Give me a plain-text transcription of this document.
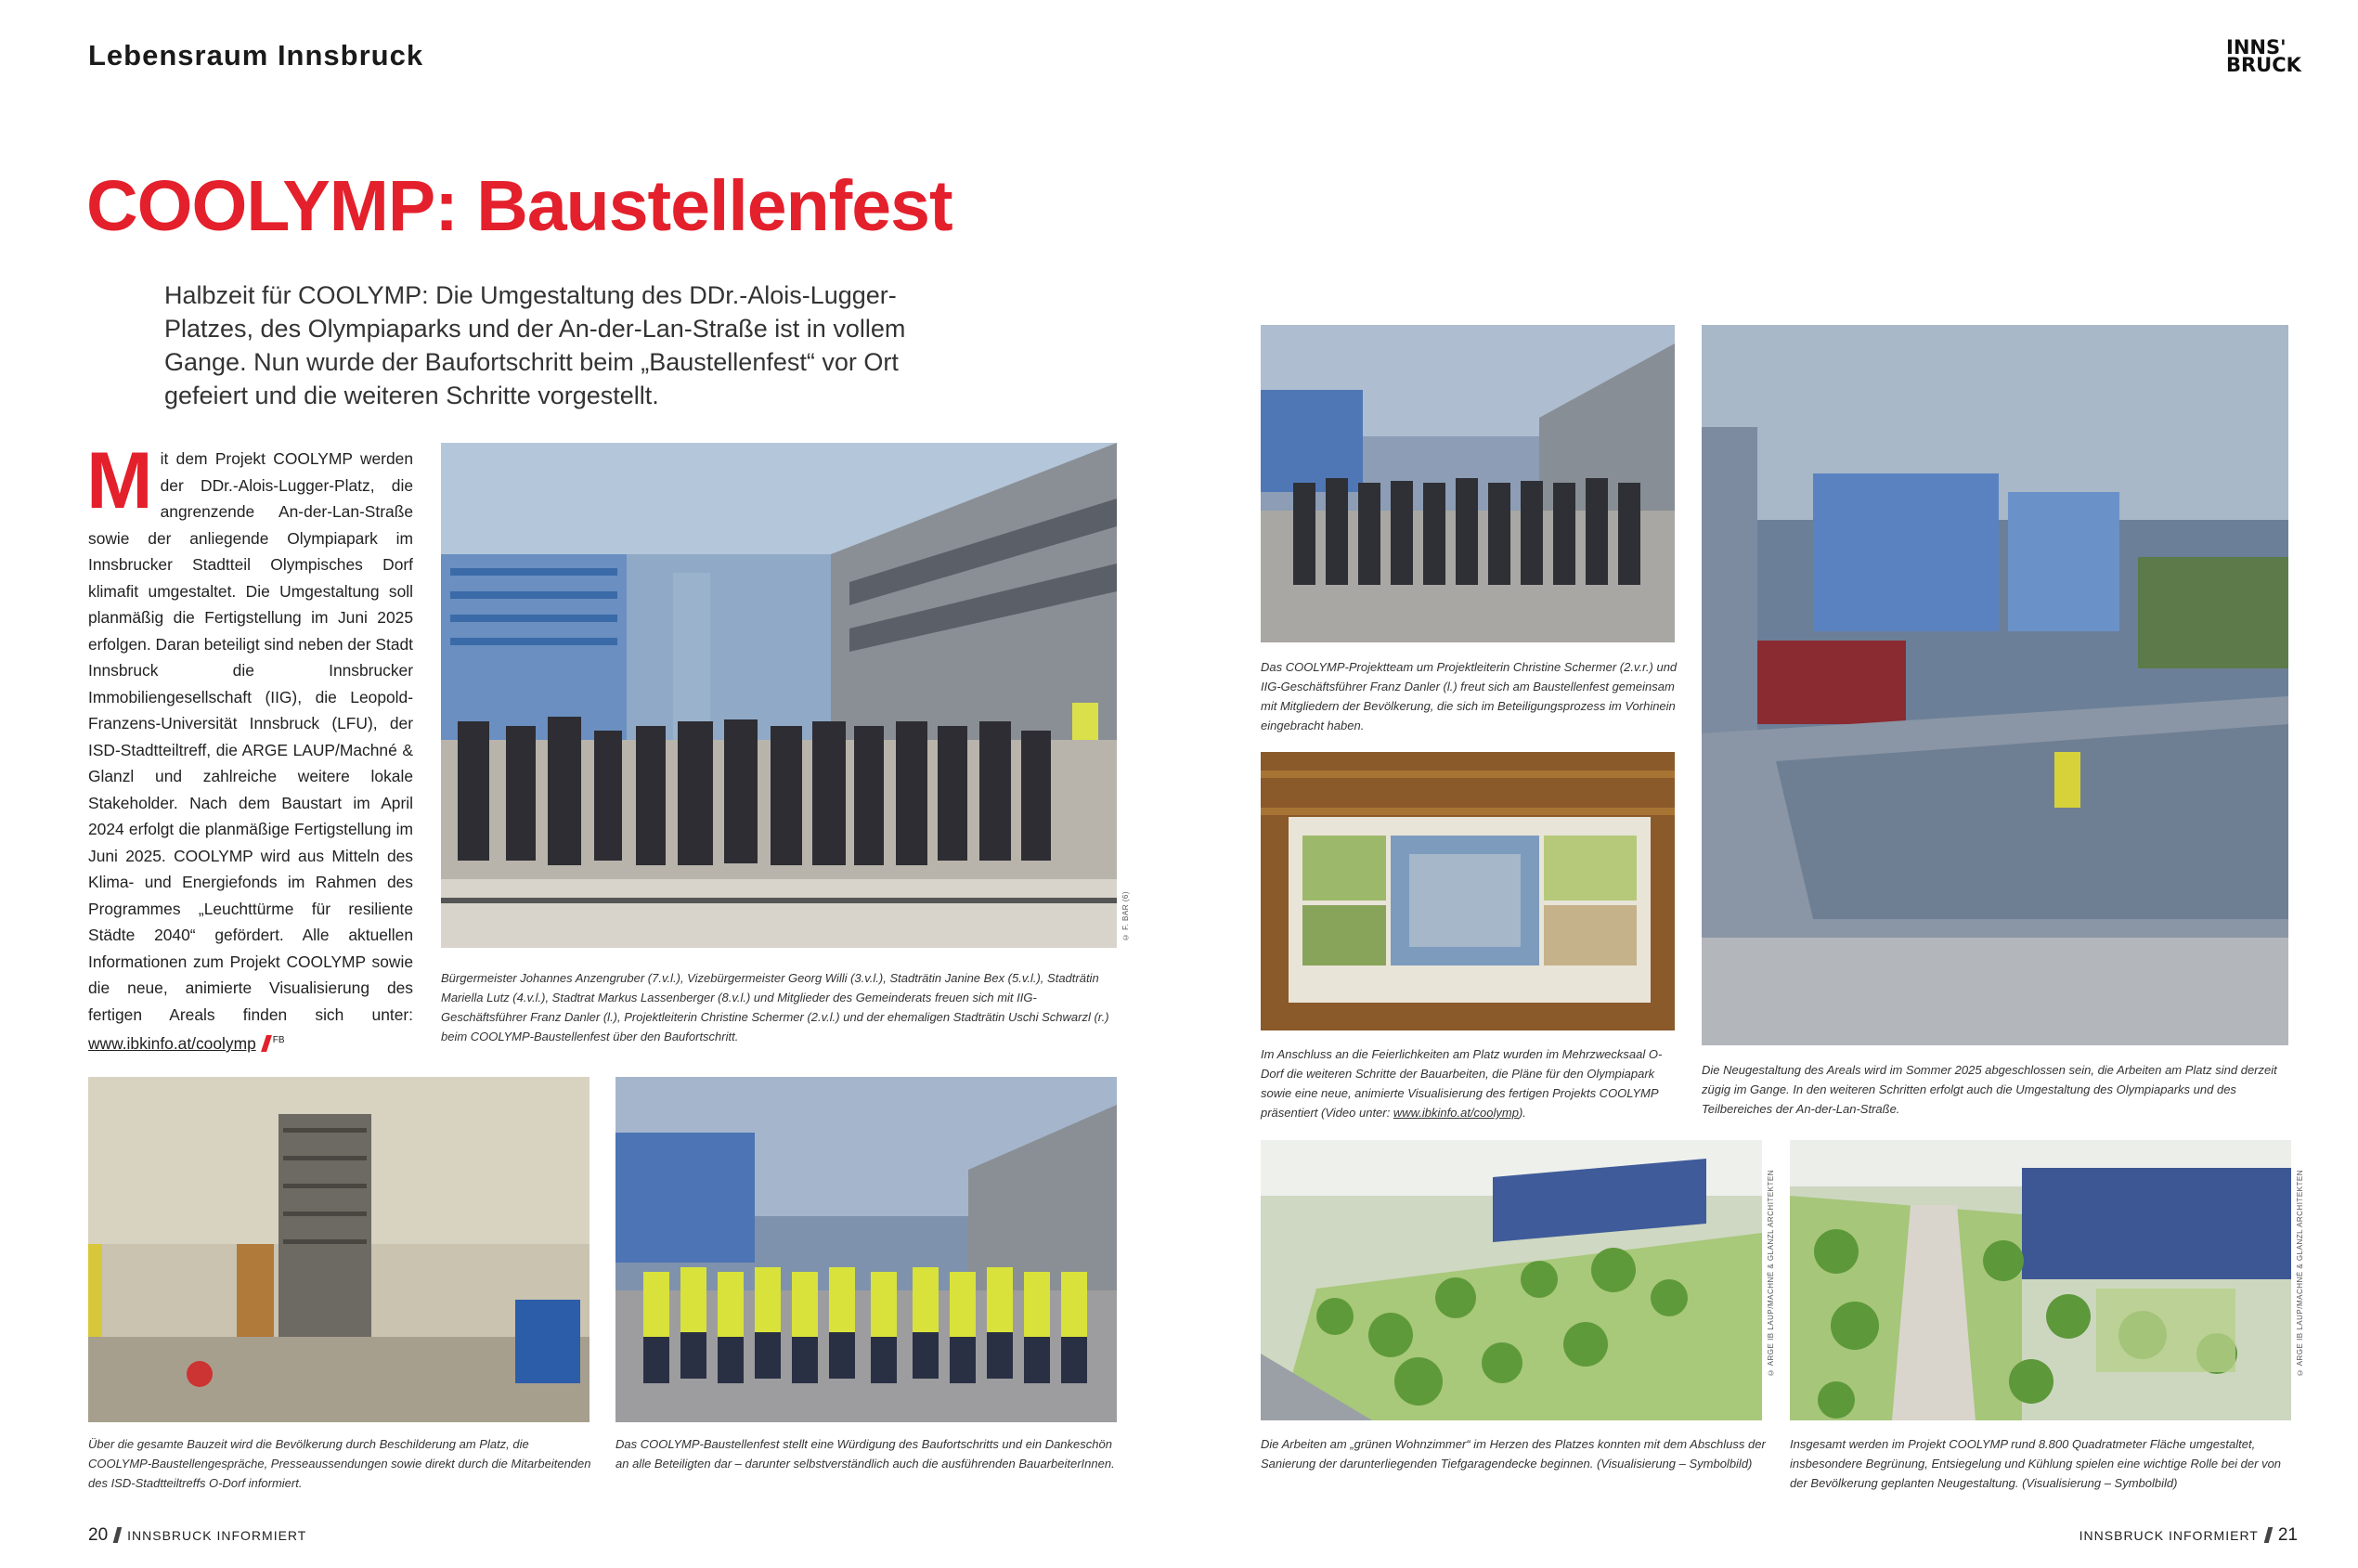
Lebensraum Innsbruck	INNS'
BRUCK
COOLYMP: Baustellenfest
Halbzeit für COOLYMP: Die Umgestaltung des DDr.-Alois-Lugger-Platzes, des Olympiaparks und der An-der-Lan-Straße ist in vollem Gange. Nun wurde der Baufortschritt beim „Baustellenfest“ vor Ort gefeiert und die weiteren Schritte vorgestellt.
M it dem Projekt COOLYMP werden der DDr.-Alois-Lugger-Platz, die angrenzende An-der-Lan-Straße sowie der anliegende Olympiapark im Innsbrucker Stadtteil Olympisches Dorf klimafit umgestaltet. Die Umgestaltung soll planmäßig die Fertigstellung im Juni 2025 erfolgen. Daran beteiligt sind neben der Stadt Innsbruck die Innsbrucker Immobiliengesellschaft (IIG), die Leopold-Franzens-Universität Innsbruck (LFU), der ISD-Stadtteiltreff, die ARGE LAUP/Machné & Glanzl und zahlreiche weitere lokale Stakeholder. Nach dem Baustart im April 2024 erfolgt die planmäßige Fertigstellung im Juni 2025. COOLYMP wird aus Mitteln des Klima- und Energiefonds im Rahmen des Programmes „Leuchttürme für resiliente Städte 2040“ gefördert. Alle aktuellen Informationen zum Projekt COOLYMP sowie die neue, animierte Visualisierung des fertigen Areals finden sich unter: www.ibkinfo.at/coolymp $^{FB}$
© F. BAR (6)
Bürgermeister Johannes Anzengruber (7.v.l.), Vizebürgermeister Georg Willi (3.v.l.), Stadträtin Janine Bex (5.v.l.), Stadträtin Mariella Lutz (4.v.l.), Stadtrat Markus Lassenberger (8.v.l.) und Mitglieder des Gemeinderats freuen sich mit IIG-Geschäftsführer Franz Danler (l.), Projektleiterin Christine Schermer (2.v.l.) und der ehemaligen Stadträtin Uschi Schwarzl (r.) beim COOLYMP-Baustellenfest über den Baufortschritt.
Über die gesamte Bauzeit wird die Bevölkerung durch Beschilderung am Platz, die COOLYMP-Baustellengespräche, Presseaussendungen sowie direkt durch die Mitarbeitenden des ISD-Stadtteiltreffs O-Dorf informiert.
Das COOLYMP-Baustellenfest stellt eine Würdigung des Baufortschritts und ein Dankeschön an alle Beteiligten dar – darunter selbstverständlich auch die ausführenden BauarbeiterInnen.
Das COOLYMP-Projektteam um Projektleiterin Christine Schermer (2.v.r.) und IIG-Geschäftsführer Franz Danler (l.) freut sich am Baustellenfest gemeinsam mit Mitgliedern der Bevölkerung, die sich im Beteiligungsprozess im Vorhinein eingebracht haben.
Im Anschluss an die Feierlichkeiten am Platz wurden im Mehrzwecksaal O-Dorf die weiteren Schritte der Bauarbeiten, die Pläne für den Olympiapark sowie eine neue, animierte Visualisierung des fertigen Projekts COOLYMP präsentiert (Video unter: www.ibkinfo.at/coolymp).
Die Neugestaltung des Areals wird im Sommer 2025 abgeschlossen sein, die Arbeiten am Platz sind derzeit zügig im Gange. In den weiteren Schritten erfolgt auch die Umgestaltung des Olympiaparks und des Teilbereiches der An-der-Lan-Straße.
© ARGE IB LAUP/MACHNÉ & GLANZL ARCHITEKTEN
Die Arbeiten am „grünen Wohnzimmer“ im Herzen des Platzes konnten mit dem Abschluss der Sanierung der darunterliegenden Tiefgaragendecke beginnen. (Visualisierung – Symbolbild)
© ARGE IB LAUP/MACHNÉ & GLANZL ARCHITEKTEN
Insgesamt werden im Projekt COOLYMP rund 8.800 Quadratmeter Fläche umgestaltet, insbesondere Begrünung, Entsiegelung und Kühlung spielen eine wichtige Rolle bei der von der Bevölkerung geplanten Neugestaltung. (Visualisierung – Symbolbild)
20 INNSBRUCK INFORMIERT	INNSBRUCK INFORMIERT 21
